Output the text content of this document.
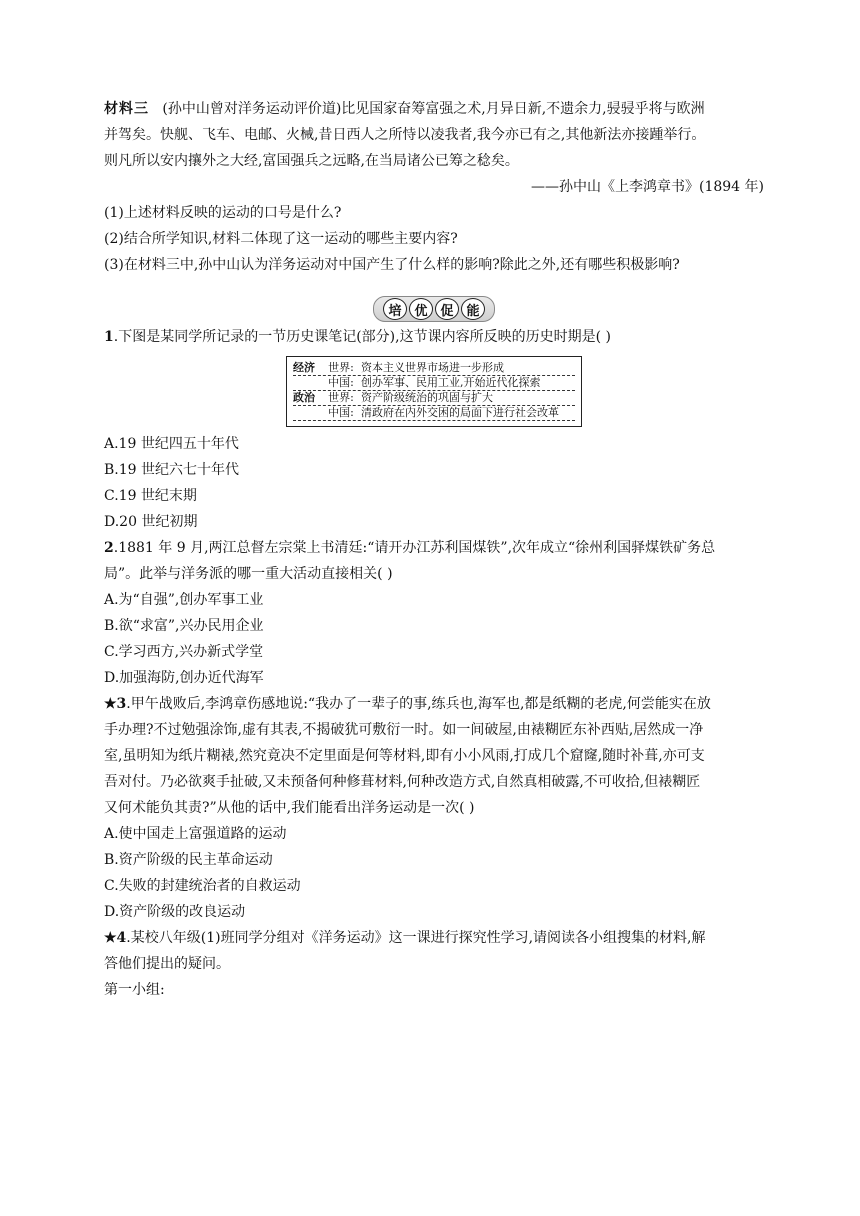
材料三 (孙中山曾对洋务运动评价道)比见国家奋筹富强之术,月异日新,不遗余力,骎骎乎将与欧洲
并驾矣。快舰、飞车、电邮、火械,昔日西人之所恃以凌我者,我今亦已有之,其他新法亦接踵举行。
则凡所以安内攘外之大经,富国强兵之远略,在当局诸公已筹之稔矣。
——孙中山《上李鸿章书》(1894 年)
(1)上述材料反映的运动的口号是什么?
(2)结合所学知识,材料二体现了这一运动的哪些主要内容?
(3)在材料三中,孙中山认为洋务运动对中国产生了什么样的影响?除此之外,还有哪些积极影响?
培 优 促 能
1.下图是某同学所记录的一节历史课笔记(部分),这节课内容所反映的历史时期是( )
经济	世界: 资本主义世界市场进一步形成
中国: 创办军事、民用工业,开始近代化探索
政治	世界: 资产阶级统治的巩固与扩大
中国: 清政府在内外交困的局面下进行社会改革
A.19 世纪四五十年代
B.19 世纪六七十年代
C.19 世纪末期
D.20 世纪初期
2.1881 年 9 月,两江总督左宗棠上书清廷:“请开办江苏利国煤铁”,次年成立“徐州利国驿煤铁矿务总
局”。此举与洋务派的哪一重大活动直接相关( )
A.为“自强”,创办军事工业
B.欲“求富”,兴办民用企业
C.学习西方,兴办新式学堂
D.加强海防,创办近代海军
★3.甲午战败后,李鸿章伤感地说:“我办了一辈子的事,练兵也,海军也,都是纸糊的老虎,何尝能实在放
手办理?不过勉强涂饰,虚有其表,不揭破犹可敷衍一时。如一间破屋,由裱糊匠东补西贴,居然成一净
室,虽明知为纸片糊裱,然究竟决不定里面是何等材料,即有小小风雨,打成几个窟窿,随时补葺,亦可支
吾对付。乃必欲爽手扯破,又未预备何种修葺材料,何种改造方式,自然真相破露,不可收拾,但裱糊匠
又何术能负其责?”从他的话中,我们能看出洋务运动是一次( )
A.使中国走上富强道路的运动
B.资产阶级的民主革命运动
C.失败的封建统治者的自救运动
D.资产阶级的改良运动
★4.某校八年级(1)班同学分组对《洋务运动》这一课进行探究性学习,请阅读各小组搜集的材料,解
答他们提出的疑问。
第一小组:
